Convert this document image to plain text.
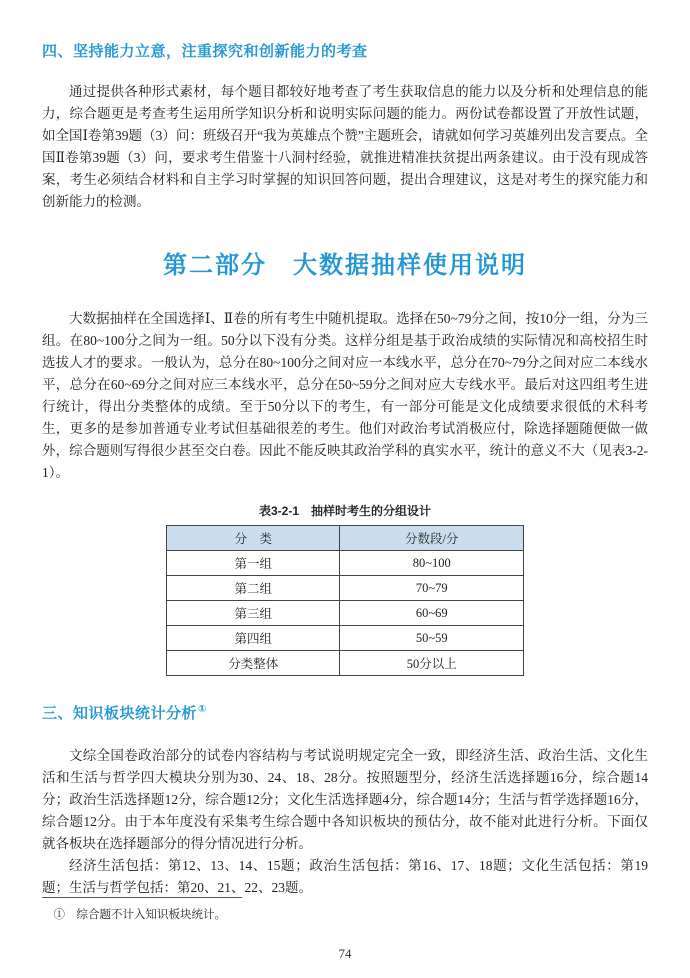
四、坚持能力立意，注重探究和创新能力的考查

通过提供各种形式素材，每个题目都较好地考查了考生获取信息的能力以及分析和处理信息的能力，综合题更是考查考生运用所学知识分析和说明实际问题的能力。两份试卷都设置了开放性试题，如全国Ⅰ卷第39题（3）问：班级召开“我为英雄点个赞”主题班会，请就如何学习英雄列出发言要点。全国Ⅱ卷第39题（3）问，要求考生借鉴十八洞村经验，就推进精准扶贫提出两条建议。由于没有现成答案，考生必须结合材料和自主学习时掌握的知识回答问题，提出合理建议，这是对考生的探究能力和创新能力的检测。

第二部分　大数据抽样使用说明

大数据抽样在全国选择Ⅰ、Ⅱ卷的所有考生中随机提取。选择在50~79分之间，按10分一组，分为三组。在80~100分之间为一组。50分以下没有分类。这样分组是基于政治成绩的实际情况和高校招生时选拔人才的要求。一般认为，总分在80~100分之间对应一本线水平，总分在70~79分之间对应二本线水平，总分在60~69分之间对应三本线水平，总分在50~59分之间对应大专线水平。最后对这四组考生进行统计，得出分类整体的成绩。至于50分以下的考生，有一部分可能是文化成绩要求很低的术科考生，更多的是参加普通专业考试但基础很差的考生。他们对政治考试消极应付，除选择题随便做一做外，综合题则写得很少甚至交白卷。因此不能反映其政治学科的真实水平，统计的意义不大（见表3-2-1）。

表3-2-1　抽样时考生的分组设计
分　类	分数段/分
第一组	80~100
第二组	70~79
第三组	60~69
第四组	50~59
分类整体	50分以上
三、知识板块统计分析①

文综全国卷政治部分的试卷内容结构与考试说明规定完全一致，即经济生活、政治生活、文化生活和生活与哲学四大模块分别为30、24、18、28分。按照题型分，经济生活选择题16分，综合题14分；政治生活选择题12分，综合题12分；文化生活选择题4分，综合题14分；生活与哲学选择题16分，综合题12分。由于本年度没有采集考生综合题中各知识板块的预估分，故不能对此进行分析。下面仅就各板块在选择题部分的得分情况进行分析。

经济生活包括：第12、13、14、15题；政治生活包括：第16、17、18题；文化生活包括：第19题；生活与哲学包括：第20、21、22、23题。

①　综合题不计入知识板块统计。

74
